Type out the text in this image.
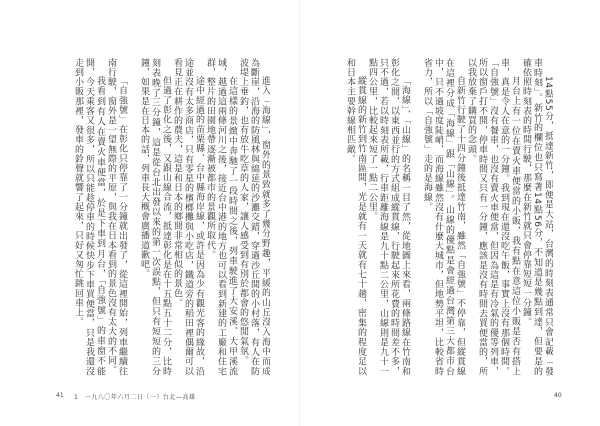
進入「海線」，窗外的景致就多了幾分野趣，平緩的山丘沒入海中而成為斷崖，沿海的防風林與綿延的沙灘交錯，穿過沙丘間的小村落，有人在防波堤上垂釣，也有放牛吃草的人家，讓人感受到有別於都會的悠閒氣氛。

在這樣的景緻中奔馳了一段時間之後，列車駛進了大安溪、大甲溪流域，越過這兩條河川之後，接近台中港的地方也可以看到新建的工廠和住宅群，整片的田園地帶逐漸被都市的景觀所取代。

途中經過的苗栗縣、台中縣海岸線，或許是因為少有觀光客的緣故，沿途並沒有太多商店，只有零星的檳榔攤與小吃店，鐵道旁的稻田裡偶爾可以看見正在耕作的農夫，這是和日本的鄉間非常相似的景色。

但過了彰化之後，又跟山線合流，抵達彰化是在十五點五十二分，比時刻表晚了三分鐘，這是從台北出發以來的第一次誤點，但只有短短的三分鐘，如果是在日本的話，列車長大概會廣播道歉吧。

「自強號」在彰化只停靠了一分鐘就出發了，從這裡開始，列車繼續往南行駛，窗外是一望無際的平原，與我在日本看到的景色沒有太大的不同。

我看到有人在賣火車便當，於是下車到月台，「自強號」的車窗不能開，今天乘客又很多，所以只能趁停車的時候快步下車買便當，只是我還沒走到小販那裡，發車的鈴聲就響了起來，只好又匆忙跳回車上。	14點55分，抵達新竹，即便是大站，台灣的時刻表通常只會記載「發車時刻」。新竹的欄位也只寫著14點56分，不知道是幾點到達，但要是的確依照時刻表的時間行駛，那麼在新竹就只會停靠短短一分鐘。

月台上有一位在賣火車便當的小販，我有點在意這位小販是否有搭上車，真是令人在意的一分鐘。我到現在還沒吃午飯，事實上沒有那個時間。「自強號」沒有餐車，也沒有賣火車便當，但因為這是有冷氣的優等列車，所以窗戶打不開，停車時間又只有一分鐘，應該是沒有時間去買便當的，所以我放棄了購買的念頭。

自新竹行駛了十四分鐘後抵達竹南，雖然「自強號」不停靠，但縱貫線在這裡分成「海線」跟「山線」。山線的優點是會經過台灣第三大都市台中，只不過坡度陡峭，而海線雖然沒有什麼大城市，但地勢平坦，比較省時省力，所以「自強號」走的是海線。

「海線」、「山線」的名稱一目了然，從地圖上來看，兩條路線在竹南和彰化之間，以東西並行的方式組成縱貫線，行駛起來所花費的時間差不多，只不過，若以時刻表所載，行車距離海線是九十點二公里，山線則是九十一點四公里，比較起來短了一點二公里。

縱貫線的新竹到竹南區間，光是就有一天就有七十趟，密集的程度足以和日本主要幹線相匹敵。

41 1　一九八〇年六月二日（一）台北—高雄	40
